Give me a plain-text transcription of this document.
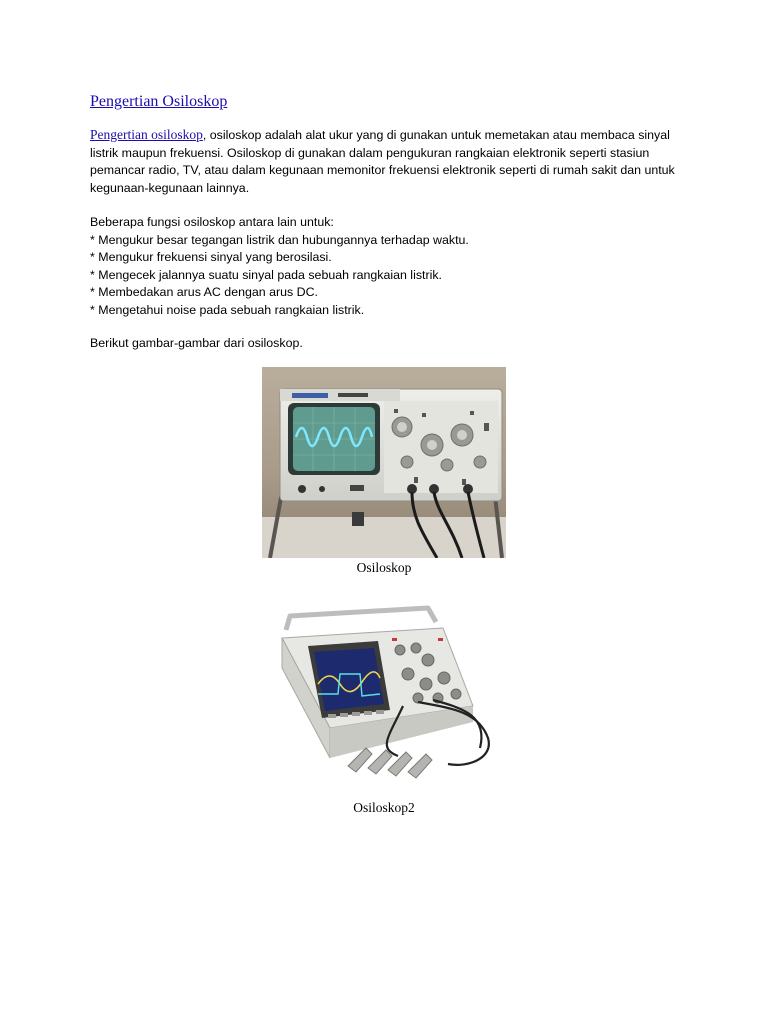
Pengertian Osiloskop

Pengertian osiloskop, osiloskop adalah alat ukur yang di gunakan untuk memetakan atau membaca sinyal listrik maupun frekuensi. Osiloskop di gunakan dalam pengukuran rangkaian elektronik seperti stasiun pemancar radio, TV, atau dalam kegunaan memonitor frekuensi elektronik seperti di rumah sakit dan untuk kegunaan-kegunaan lainnya.

Beberapa fungsi osiloskop antara lain untuk:
* Mengukur besar tegangan listrik dan hubungannya terhadap waktu.
* Mengukur frekuensi sinyal yang berosilasi.
* Mengecek jalannya suatu sinyal pada sebuah rangkaian listrik.
* Membedakan arus AC dengan arus DC.
* Mengetahui noise pada sebuah rangkaian listrik.
Berikut gambar-gambar dari osiloskop.
Osiloskop
Osiloskop2
